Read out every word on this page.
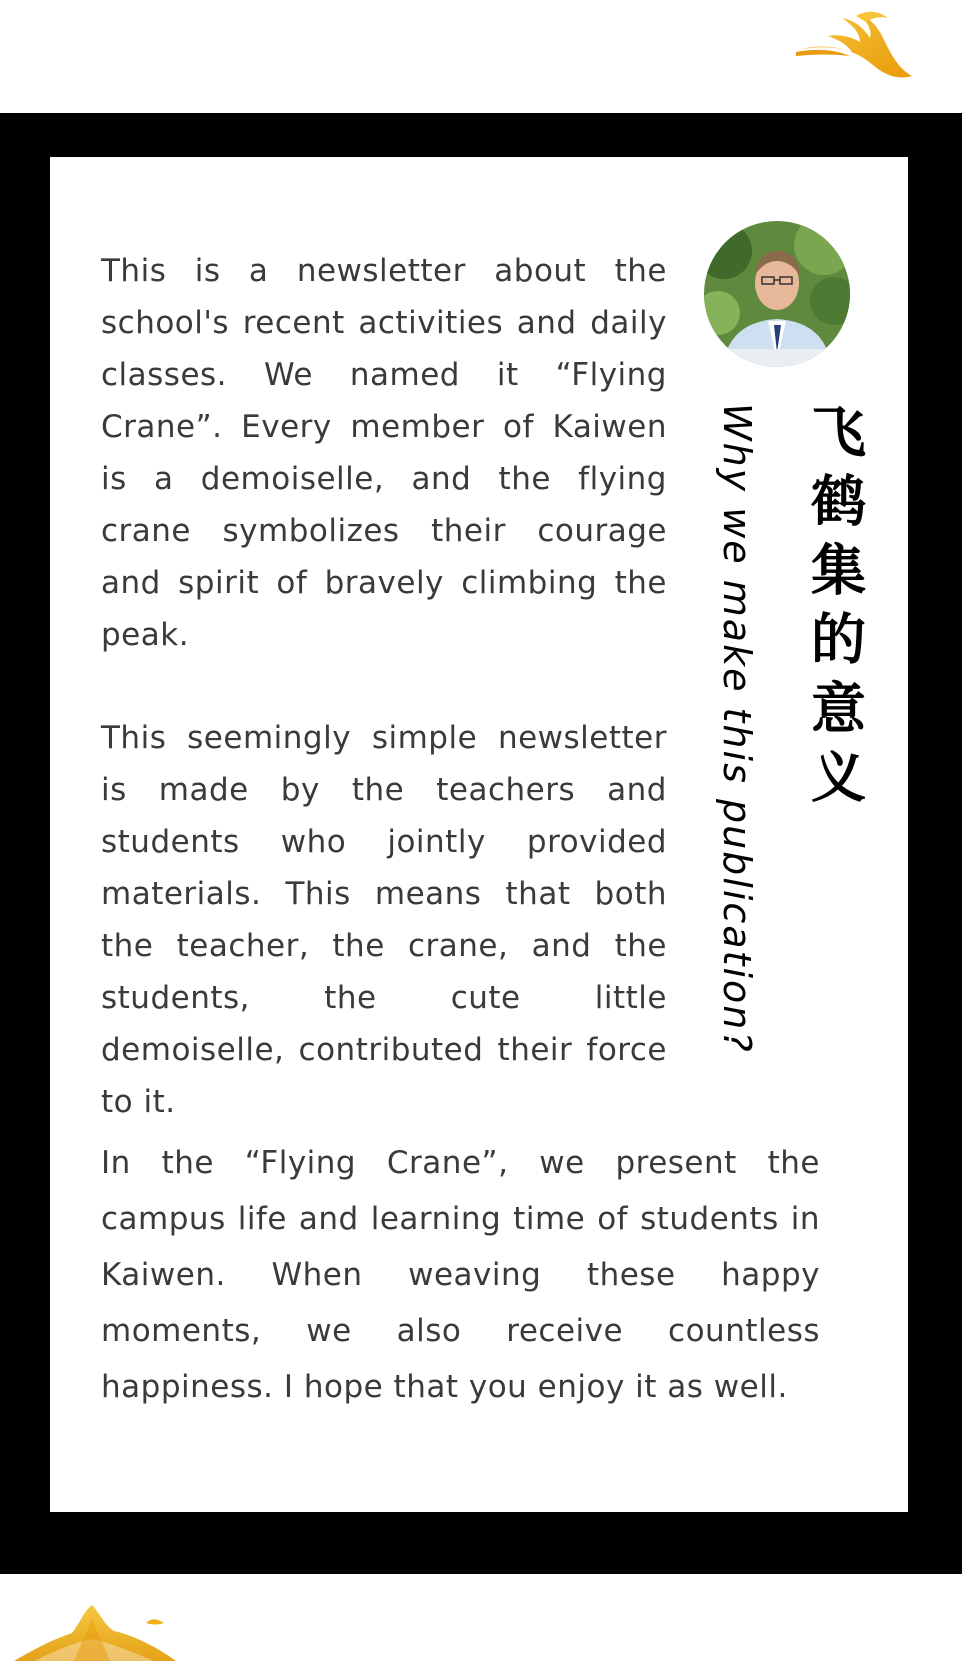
This is a newsletter about the school's recent activities and daily classes. We named it “Flying Crane”. Every member of Kaiwen is a demoiselle, and the flying crane symbolizes their courage and spirit of bravely climbing the peak.

This seemingly simple newsletter is made by the teachers and students who jointly provided materials. This means that both the teacher, the crane, and the students, the cute little demoiselle, contributed their force to it.

In the “Flying Crane”, we present the campus life and learning time of students in Kaiwen. When weaving these happy moments, we also receive countless happiness. I hope that you enjoy it as well.

飞鹤集的意义

Why we make this publication?
